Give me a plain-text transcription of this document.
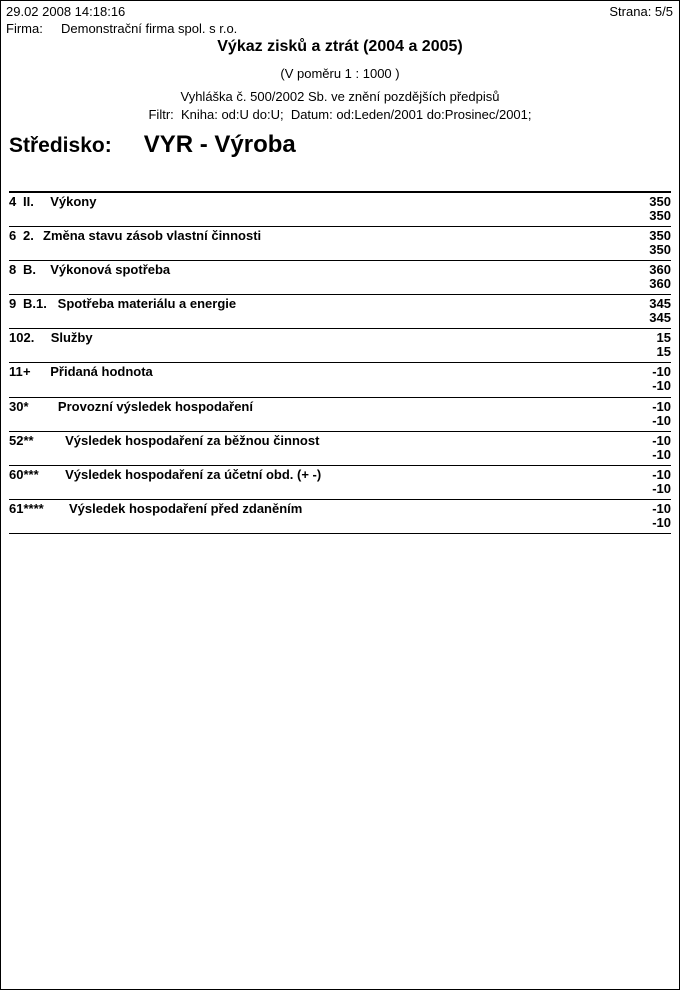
29.02 2008 14:18:16	Strana: 5/5
Firma: Demonstrační firma spol. s r.o.
Výkaz zisků a ztrát (2004 a 2005)
(V poměru 1 : 1000 )
Vyhláška č. 500/2002 Sb. ve znění pozdějších předpisů
Filtr:  Kniha: od:U do:U;  Datum: od:Leden/2001 do:Prosinec/2001;
Středisko: VYR - Výroba
4 II. Výkony	350
350
6 2. Změna stavu zásob vlastní činnosti	350
350
8 B. Výkonová spotřeba	360
360
9 B.1. Spotřeba materiálu a energie	345
345
10 2. Služby	15
15
11 + Přidaná hodnota	-10
-10
30 *	Provozní výsledek hospodaření	-10
-10
52 ** Výsledek hospodaření za běžnou činnost	-10
-10
60 *** Výsledek hospodaření za účetní obd. (+ -)	-10
-10
61 **** Výsledek hospodaření před zdaněním	-10
-10
